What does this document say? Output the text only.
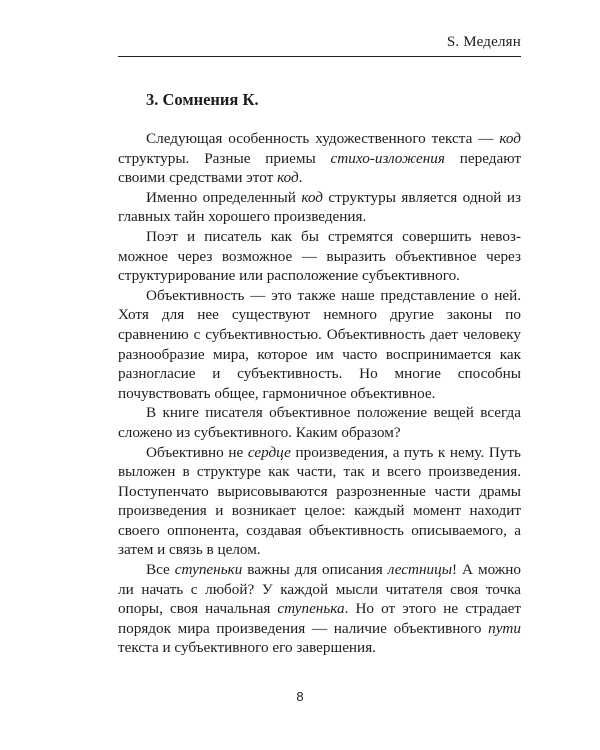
S. Меделян
3. Сомнения К.

Следующая особенность художественного текста — код структуры. Разные приемы стихо-изложения передают своими средствами этот код.

Именно определенный код структуры является одной из главных тайн хорошего произведения.

Поэт и писатель как бы стремятся совершить невозможное через возможное — выразить объективное через структурирование или расположение субъективного.

Объективность — это также наше представление о ней. Хотя для нее существуют немного другие законы по сравнению с субъективностью. Объективность дает человеку разнообразие мира, которое им часто воспринимается как разногласие и субъективность. Но многие способны почувствовать общее, гармоничное объективное.

В книге писателя объективное положение вещей всегда сложено из субъективного. Каким образом?

Объективно не сердце произведения, а путь к нему. Путь выложен в структуре как части, так и всего произведения. Поступенчато вырисовываются разрозненные части драмы произведения и возникает целое: каждый момент находит своего оппонента, создавая объективность описываемого, а затем и связь в целом.

Все ступеньки важны для описания лестницы! А можно ли начать с любой? У каждой мысли читателя своя точка опоры, своя начальная ступенька. Но от этого не страдает порядок мира произведения — наличие объективного пути текста и субъективного его завершения.

8
